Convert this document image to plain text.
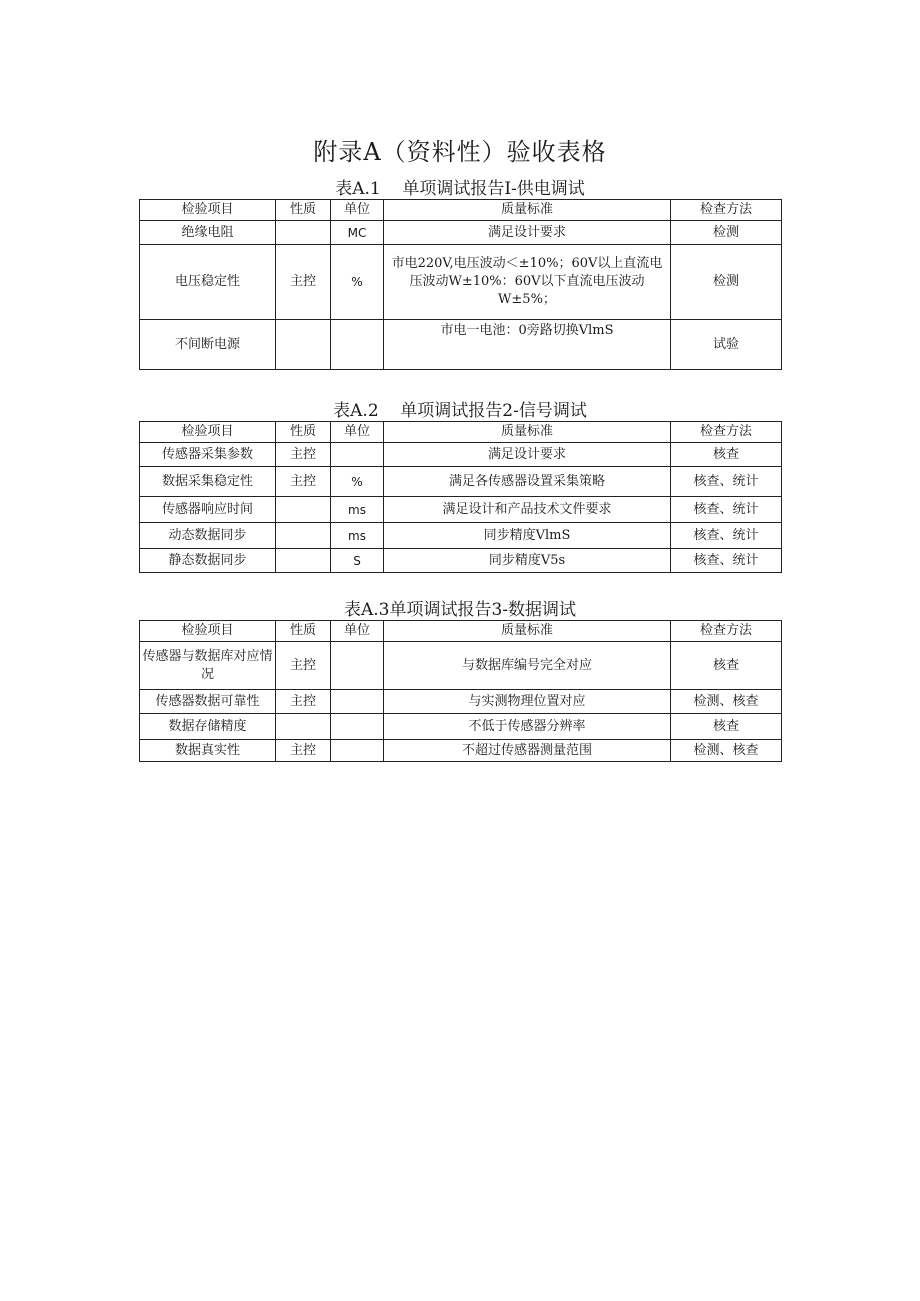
附录A（资料性）验收表格
表A.1    单项调试报告I-供电调试
检验项目	性质	单位	质量标准	检查方法
绝缘电阻		MC	满足设计要求	检测
电压稳定性	主控	%	市电220V,电压波动＜±10%；60V以上直流电
压波动W±10%：60V以下直流电压波动
W±5%；	检测
不间断电源			市电一电池：0旁路切换VlmS	试验
表A.2    单项调试报告2-信号调试
检验项目	性质	单位	质量标准	检查方法
传感器采集参数	主控		满足设计要求	核查
数据采集稳定性	主控	%	满足各传感器设置采集策略	核查、统计
传感器响应时间		ms	满足设计和产品技术文件要求	核查、统计
动态数据同步		ms	同步精度VlmS	核查、统计
静态数据同步		S	同步精度V5s	核查、统计
表A.3单项调试报告3-数据调试
检验项目	性质	单位	质量标准	检查方法
传感器与数据库对应情况	主控		与数据库编号完全对应	核查
传感器数据可靠性	主控		与实测物理位置对应	检测、核查
数据存储精度			不低于传感器分辨率	核查
数据真实性	主控		不超过传感器测量范围	检测、核查
